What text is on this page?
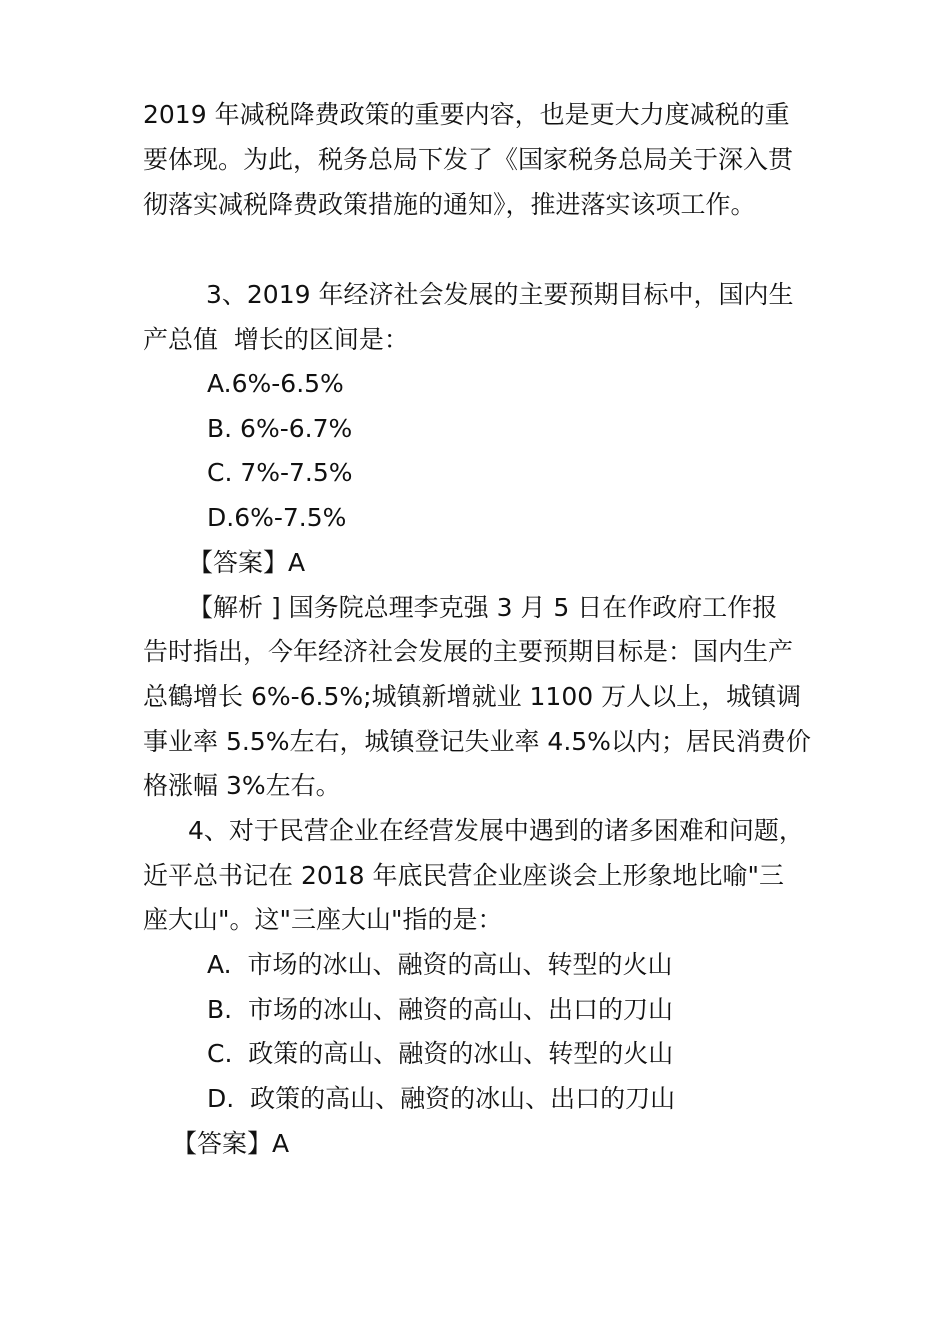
2019 年减税降费政策的重要内容，也是更大力度减税的重
要体现。为此，税务总局下发了《国家税务总局关于深入贯
彻落实减税降费政策措施的通知》，推进落实该项工作。
3、2019 年经济社会发展的主要预期目标中，国内生
产总值  增长的区间是：
A.6%-6.5%
B. 6%-6.7%
C. 7%-7.5%
D.6%-7.5%
【答案】A
【解析 ] 国务院总理李克强 3 月 5 日在作政府工作报
告时指出，今年经济社会发展的主要预期目标是：国内生产
总鶴增长 6%-6.5%;城镇新增就业 1100 万人以上，城镇调
事业率 5.5%左右，城镇登记失业率 4.5%以内；居民消费价
格涨幅 3%左右。
4、对于民营企业在经营发展中遇到的诸多困难和问题，
近平总书记在 2018 年底民营企业座谈会上形象地比喻"三
座大山"。这"三座大山"指的是：
A.  市场的冰山、融资的高山、转型的火山
B.  市场的冰山、融资的高山、出口的刀山
C.  政策的高山、融资的冰山、转型的火山
D.  政策的高山、融资的冰山、出口的刀山
【答案】A
